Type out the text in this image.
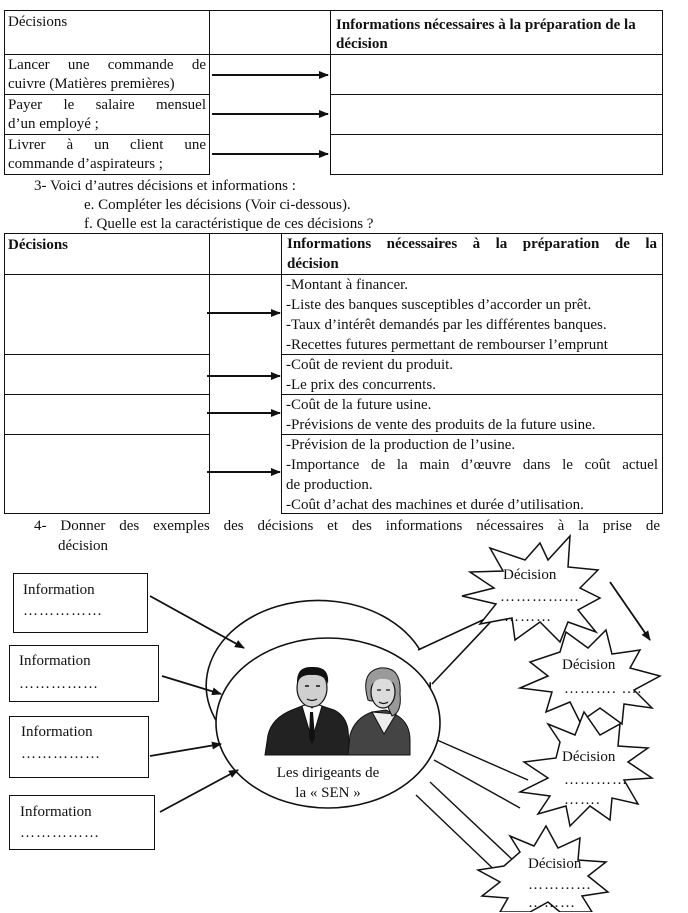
Décisions	Informations nécessaires à la préparation de la décision
Lancer une commande de
cuivre (Matières premières)
Payer le salaire mensuel
d’un employé ;
Livrer à un client une
commande d’aspirateurs ;
3- Voici d’autres décisions et informations :
e. Compléter les décisions (Voir ci-dessous).
f. Quelle est la caractéristique de ces décisions ?
Décisions	Informations nécessaires à la préparation de la
décision
-Montant à financer.
-Liste des banques susceptibles d’accorder un prêt.
-Taux d’intérêt demandés par les différentes banques.
-Recettes futures permettant de rembourser l’emprunt
-Coût de revient du produit.
-Le prix des concurrents.
-Coût de la future usine.
-Prévisions de vente des produits de la future usine.
-Prévision de la production de l’usine.
-Importance de la main d’œuvre dans le coût actuel
de production.
-Coût d’achat des machines et durée d’utilisation.
4- Donner des exemples des décisions et des informations nécessaires à la prise de
décision
Information
……………
Information
……………
Information
……………
Information
……………
Les dirigeants de
la « SEN »
Décision
……………
………
Décision
………. ….
Décision
…………
…….
Décision
…………
………
